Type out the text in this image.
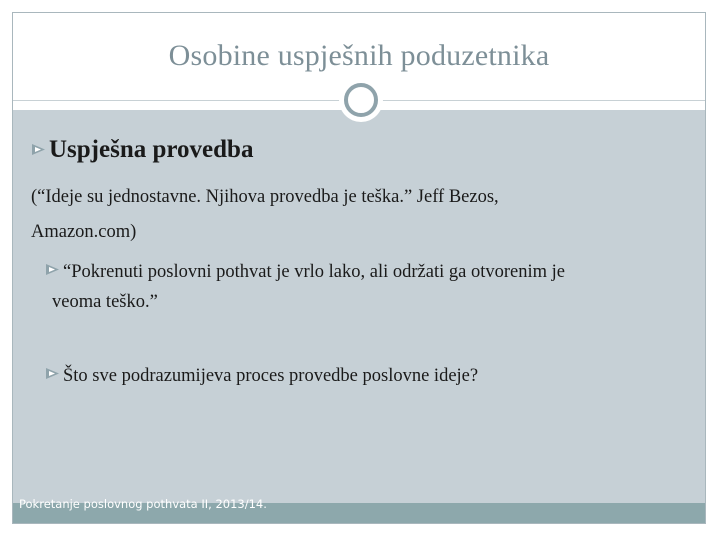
Osobine uspješnih poduzetnika
Uspješna provedba
(“Ideje su jednostavne. Njihova provedba je teška.” Jeff Bezos,
Amazon.com)
“Pokrenuti poslovni pothvat je vrlo lako, ali održati ga otvorenim je
veoma teško.”
Što sve podrazumijeva proces provedbe poslovne ideje?
Pokretanje poslovnog pothvata II, 2013/14.
